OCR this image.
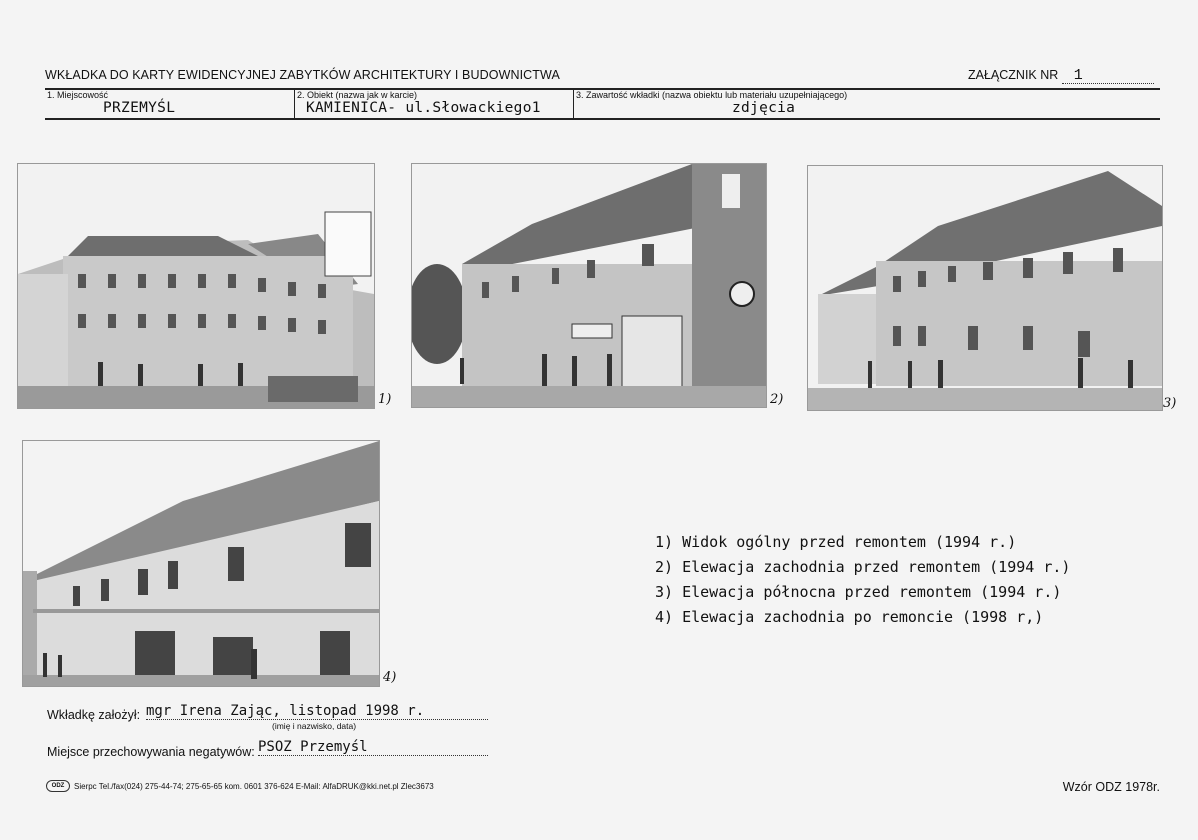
WKŁADKA DO KARTY EWIDENCYJNEJ ZABYTKÓW ARCHITEKTURY I BUDOWNICTWA	ZAŁĄCZNIK NR 1
1. Miejscowość
PRZEMYŚL
2. Obiekt (nazwa jak w karcie)
KAMIENICA- ul.Słowackiego1
3. Zawartość wkładki (nazwa obiektu lub materiału uzupełniającego)
zdjęcia
1)	2)	3)
4)
1) Widok ogólny przed remontem (1994 r.)
2) Elewacja zachodnia przed remontem (1994 r.)
3) Elewacja północna przed remontem (1994 r.)
4) Elewacja zachodnia po remoncie (1998 r,)
Wkładkę założył: mgr Irena Zając, listopad 1998 r.
(imię i nazwisko, data)
Miejsce przechowywania negatywów: PSOZ Przemyśl
ODZ	Sierpc Tel./fax(024) 275-44-74; 275-65-65 kom. 0601 376-624 E-Mail: AlfaDRUK@kki.net.pl Zlec3673	Wzór ODZ 1978r.
